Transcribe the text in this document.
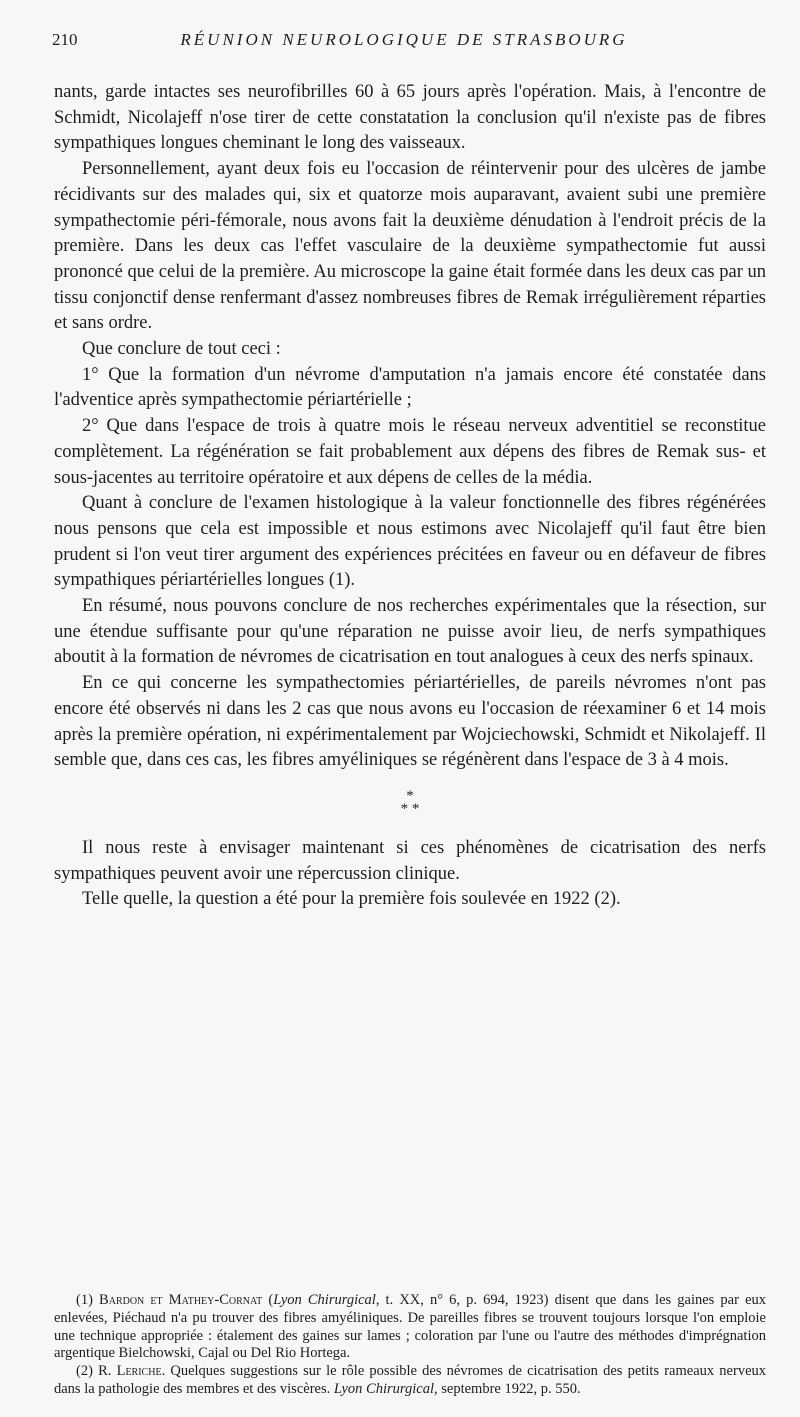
210	RÉUNION NEUROLOGIQUE DE STRASBOURG

nants, garde intactes ses neurofibrilles 60 à 65 jours après l'opération. Mais, à l'encontre de Schmidt, Nicolajeff n'ose tirer de cette constatation la conclusion qu'il n'existe pas de fibres sympathiques longues cheminant le long des vaisseaux.

Personnellement, ayant deux fois eu l'occasion de réintervenir pour des ulcères de jambe récidivants sur des malades qui, six et quatorze mois auparavant, avaient subi une première sympathectomie péri-fémorale, nous avons fait la deuxième dénudation à l'endroit précis de la première. Dans les deux cas l'effet vasculaire de la deuxième sympathectomie fut aussi prononcé que celui de la première. Au microscope la gaine était formée dans les deux cas par un tissu conjonctif dense renfermant d'assez nombreuses fibres de Remak irrégulièrement réparties et sans ordre.

Que conclure de tout ceci :

1° Que la formation d'un névrome d'amputation n'a jamais encore été constatée dans l'adventice après sympathectomie périartérielle ;

2° Que dans l'espace de trois à quatre mois le réseau nerveux adventitiel se reconstitue complètement. La régénération se fait probablement aux dépens des fibres de Remak sus- et sous-jacentes au territoire opératoire et aux dépens de celles de la média.

Quant à conclure de l'examen histologique à la valeur fonctionnelle des fibres régénérées nous pensons que cela est impossible et nous estimons avec Nicolajeff qu'il faut être bien prudent si l'on veut tirer argument des expériences précitées en faveur ou en défaveur de fibres sympathiques périartérielles longues (1).

En résumé, nous pouvons conclure de nos recherches expérimentales que la résection, sur une étendue suffisante pour qu'une réparation ne puisse avoir lieu, de nerfs sympathiques aboutit à la formation de névromes de cicatrisation en tout analogues à ceux des nerfs spinaux.

En ce qui concerne les sympathectomies périartérielles, de pareils névromes n'ont pas encore été observés ni dans les 2 cas que nous avons eu l'occasion de réexaminer 6 et 14 mois après la première opération, ni expérimentalement par Wojciechowski, Schmidt et Nikolajeff. Il semble que, dans ces cas, les fibres amyéliniques se régénèrent dans l'espace de 3 à 4 mois.

*
* *

Il nous reste à envisager maintenant si ces phénomènes de cicatrisation des nerfs sympathiques peuvent avoir une répercussion clinique.

Telle quelle, la question a été pour la première fois soulevée en 1922 (2).

(1) Bardon et Mathey-Cornat (Lyon Chirurgical, t. XX, n° 6, p. 694, 1923) disent que dans les gaines par eux enlevées, Piéchaud n'a pu trouver des fibres amyéliniques. De pareilles fibres se trouvent toujours lorsque l'on emploie une technique appropriée : étalement des gaines sur lames ; coloration par l'une ou l'autre des méthodes d'imprégnation argentique Bielchowski, Cajal ou Del Rio Hortega.

(2) R. Leriche. Quelques suggestions sur le rôle possible des névromes de cicatrisation des petits rameaux nerveux dans la pathologie des membres et des viscères. Lyon Chirurgical, septembre 1922, p. 550.
